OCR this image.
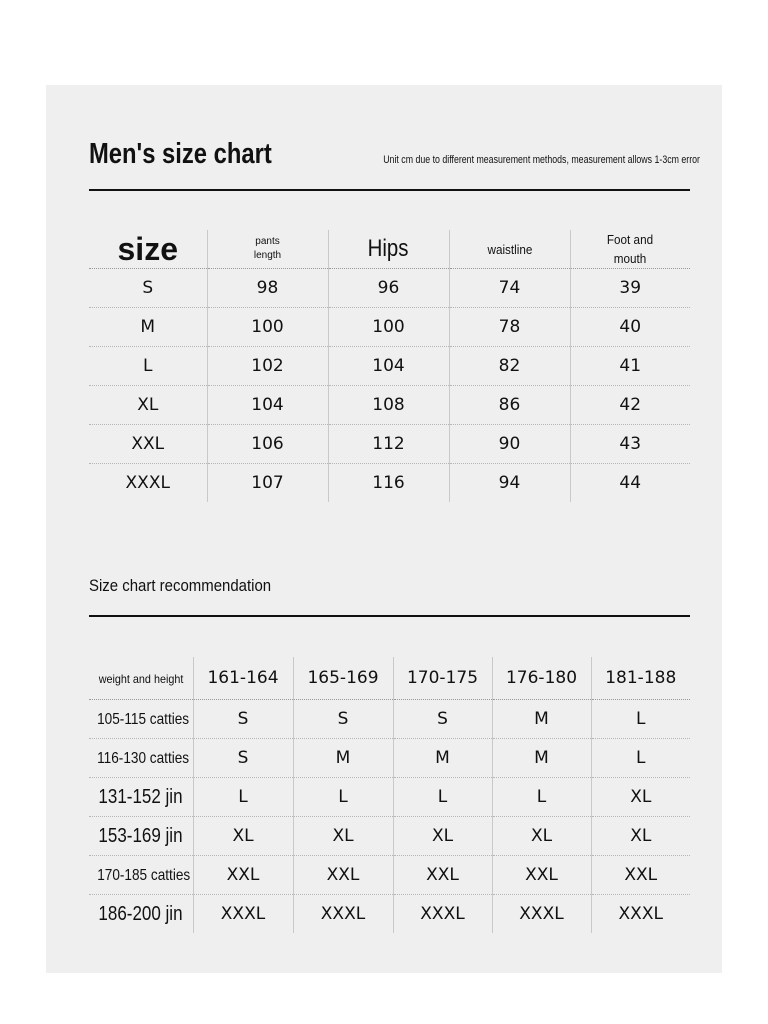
Men's size chart	Unit cm due to different measurement methods, measurement allows 1-3cm error
size	pants length	Hips	waistline	Foot and mouth
S	98	96	74	39
M	100	100	78	40
L	102	104	82	41
XL	104	108	86	42
XXL	106	112	90	43
XXXL	107	116	94	44
Size chart recommendation
weight and height	161-164	165-169	170-175	176-180	181-188
105-115 catties	S	S	S	M	L
116-130 catties	S	M	M	M	L
131-152 jin	L	L	L	L	XL
153-169 jin	XL	XL	XL	XL	XL
170-185 catties	XXL	XXL	XXL	XXL	XXL
186-200 jin	XXXL	XXXL	XXXL	XXXL	XXXL
